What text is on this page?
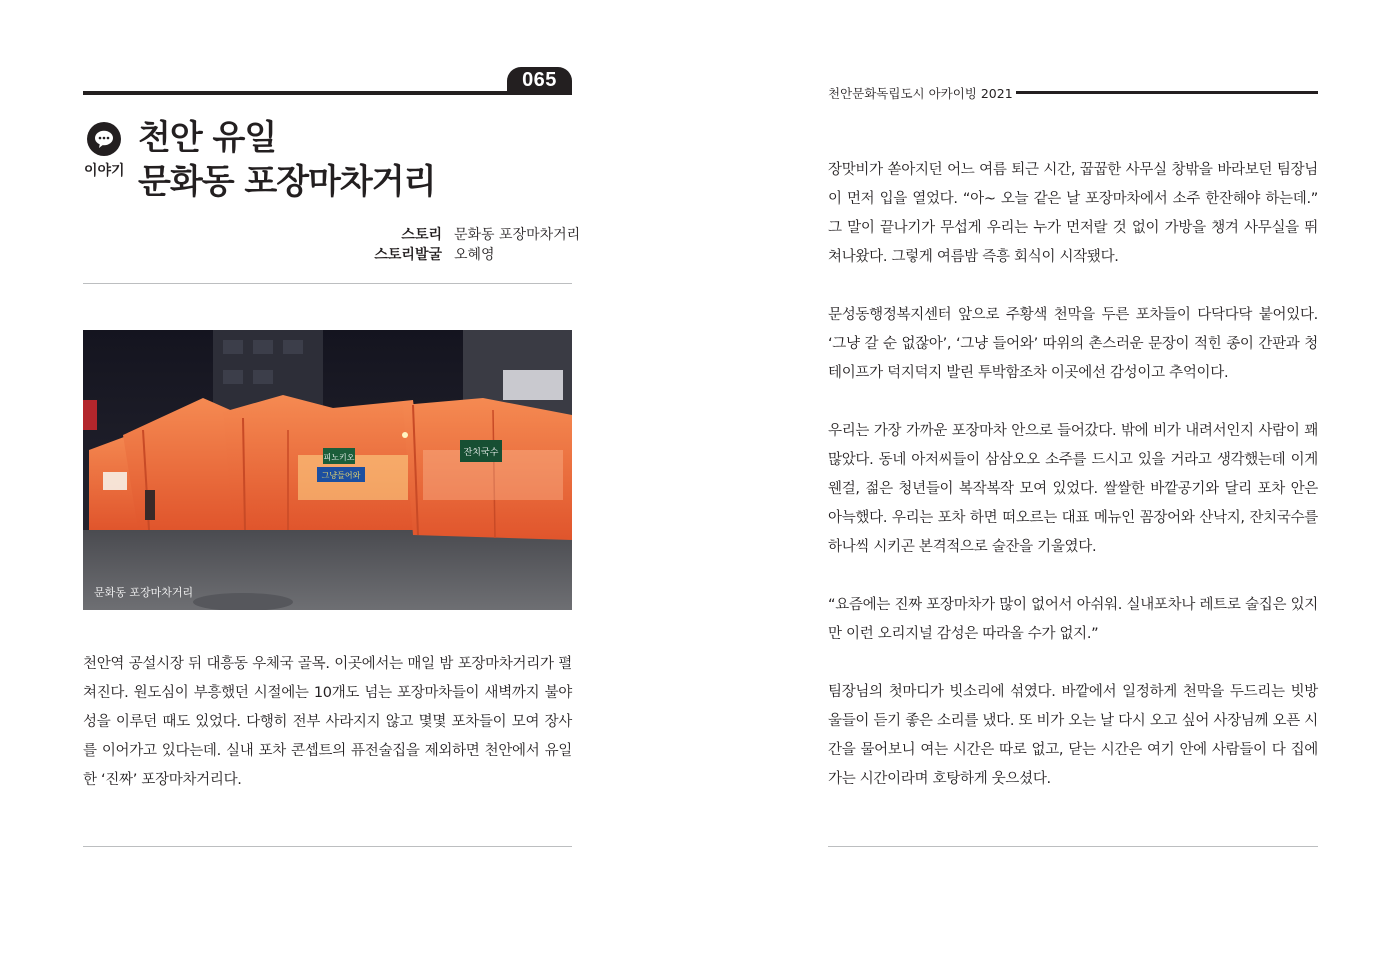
065
이야기
천안 유일
문화동 포장마차거리
스토리 문화동 포장마차거리
스토리발굴 오혜영
피노키오
그냥들어와
잔치국수
문화동 포장마차거리

천안역 공설시장 뒤 대흥동 우체국 골목. 이곳에서는 매일 밤 포장마차거리가 펼쳐진다. 원도심이 부흥했던 시절에는 10개도 넘는 포장마차들이 새벽까지 불야성을 이루던 때도 있었다. 다행히 전부 사라지지 않고 몇몇 포차들이 모여 장사를 이어가고 있다는데. 실내 포차 콘셉트의 퓨전술집을 제외하면 천안에서 유일한 ‘진짜’ 포장마차거리다.

천안문화독립도시 아카이빙 2021

장맛비가 쏟아지던 어느 여름 퇴근 시간, 꿉꿉한 사무실 창밖을 바라보던 팀장님이 먼저 입을 열었다. “아~ 오늘 같은 날 포장마차에서 소주 한잔해야 하는데.” 그 말이 끝나기가 무섭게 우리는 누가 먼저랄 것 없이 가방을 챙겨 사무실을 뛰쳐나왔다. 그렇게 여름밤 즉흥 회식이 시작됐다.

문성동행정복지센터 앞으로 주황색 천막을 두른 포차들이 다닥다닥 붙어있다. ‘그냥 갈 순 없잖아’, ‘그냥 들어와’ 따위의 촌스러운 문장이 적힌 종이 간판과 청테이프가 덕지덕지 발린 투박함조차 이곳에선 감성이고 추억이다.

우리는 가장 가까운 포장마차 안으로 들어갔다. 밖에 비가 내려서인지 사람이 꽤 많았다. 동네 아저씨들이 삼삼오오 소주를 드시고 있을 거라고 생각했는데 이게 웬걸, 젊은 청년들이 복작복작 모여 있었다. 쌀쌀한 바깥공기와 달리 포차 안은 아늑했다. 우리는 포차 하면 떠오르는 대표 메뉴인 꼼장어와 산낙지, 잔치국수를 하나씩 시키곤 본격적으로 술잔을 기울였다.

“요즘에는 진짜 포장마차가 많이 없어서 아쉬워. 실내포차나 레트로 술집은 있지만 이런 오리지널 감성은 따라올 수가 없지.”

팀장님의 첫마디가 빗소리에 섞였다. 바깥에서 일정하게 천막을 두드리는 빗방울들이 듣기 좋은 소리를 냈다. 또 비가 오는 날 다시 오고 싶어 사장님께 오픈 시간을 물어보니 여는 시간은 따로 없고, 닫는 시간은 여기 안에 사람들이 다 집에 가는 시간이라며 호탕하게 웃으셨다.
